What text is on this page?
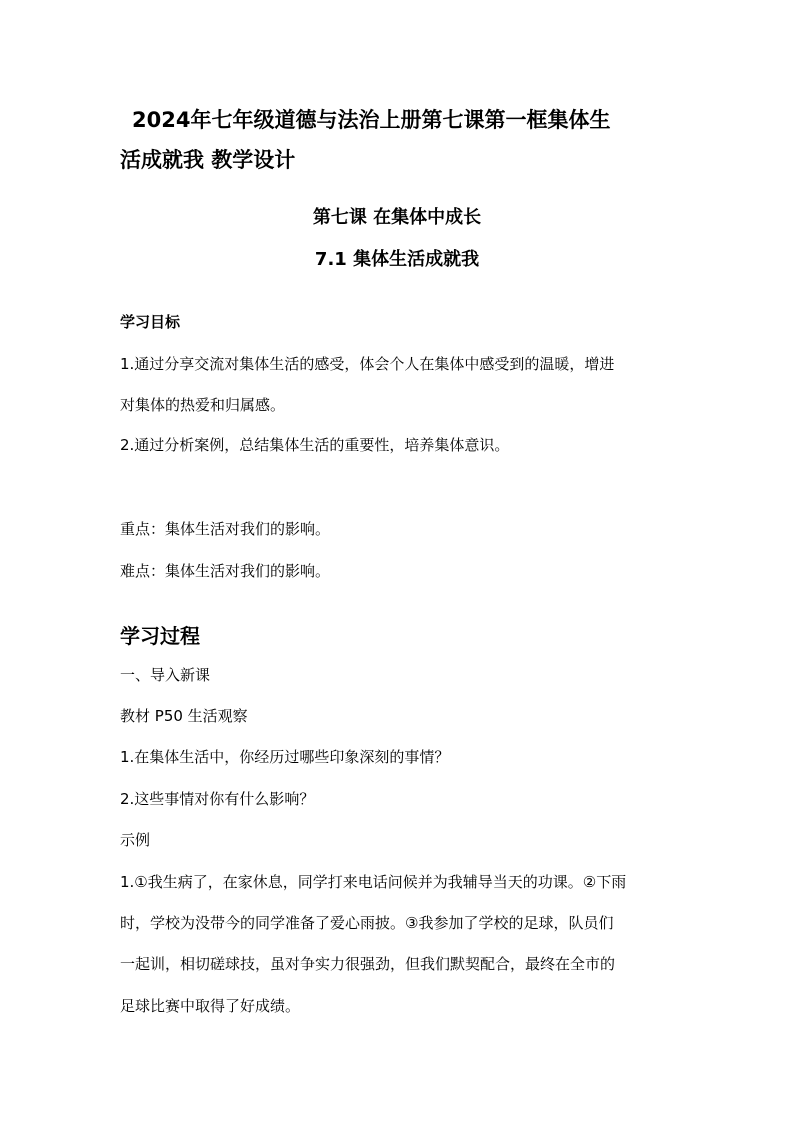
2024年七年级道德与法治上册第七课第一框集体生
活成就我 教学设计

第七课 在集体中成长

7.1 集体生活成就我

学习目标

1.通过分享交流对集体生活的感受，体会个人在集体中感受到的温暖，增进

对集体的热爱和归属感。

2.通过分析案例，总结集体生活的重要性，培养集体意识。

重点：集体生活对我们的影响。

难点：集体生活对我们的影响。

学习过程

一、导入新课

教材 P50 生活观察

1.在集体生活中，你经历过哪些印象深刻的事情？

2.这些事情对你有什么影响？

示例

1.①我生病了，在家休息，同学打来电话问候并为我辅导当天的功课。②下雨

时，学校为没带今的同学准备了爱心雨披。③我参加了学校的足球，队员们

一起训，相切磋球技，虽对争实力很强劲，但我们默契配合，最终在全市的

足球比赛中取得了好成绩。
